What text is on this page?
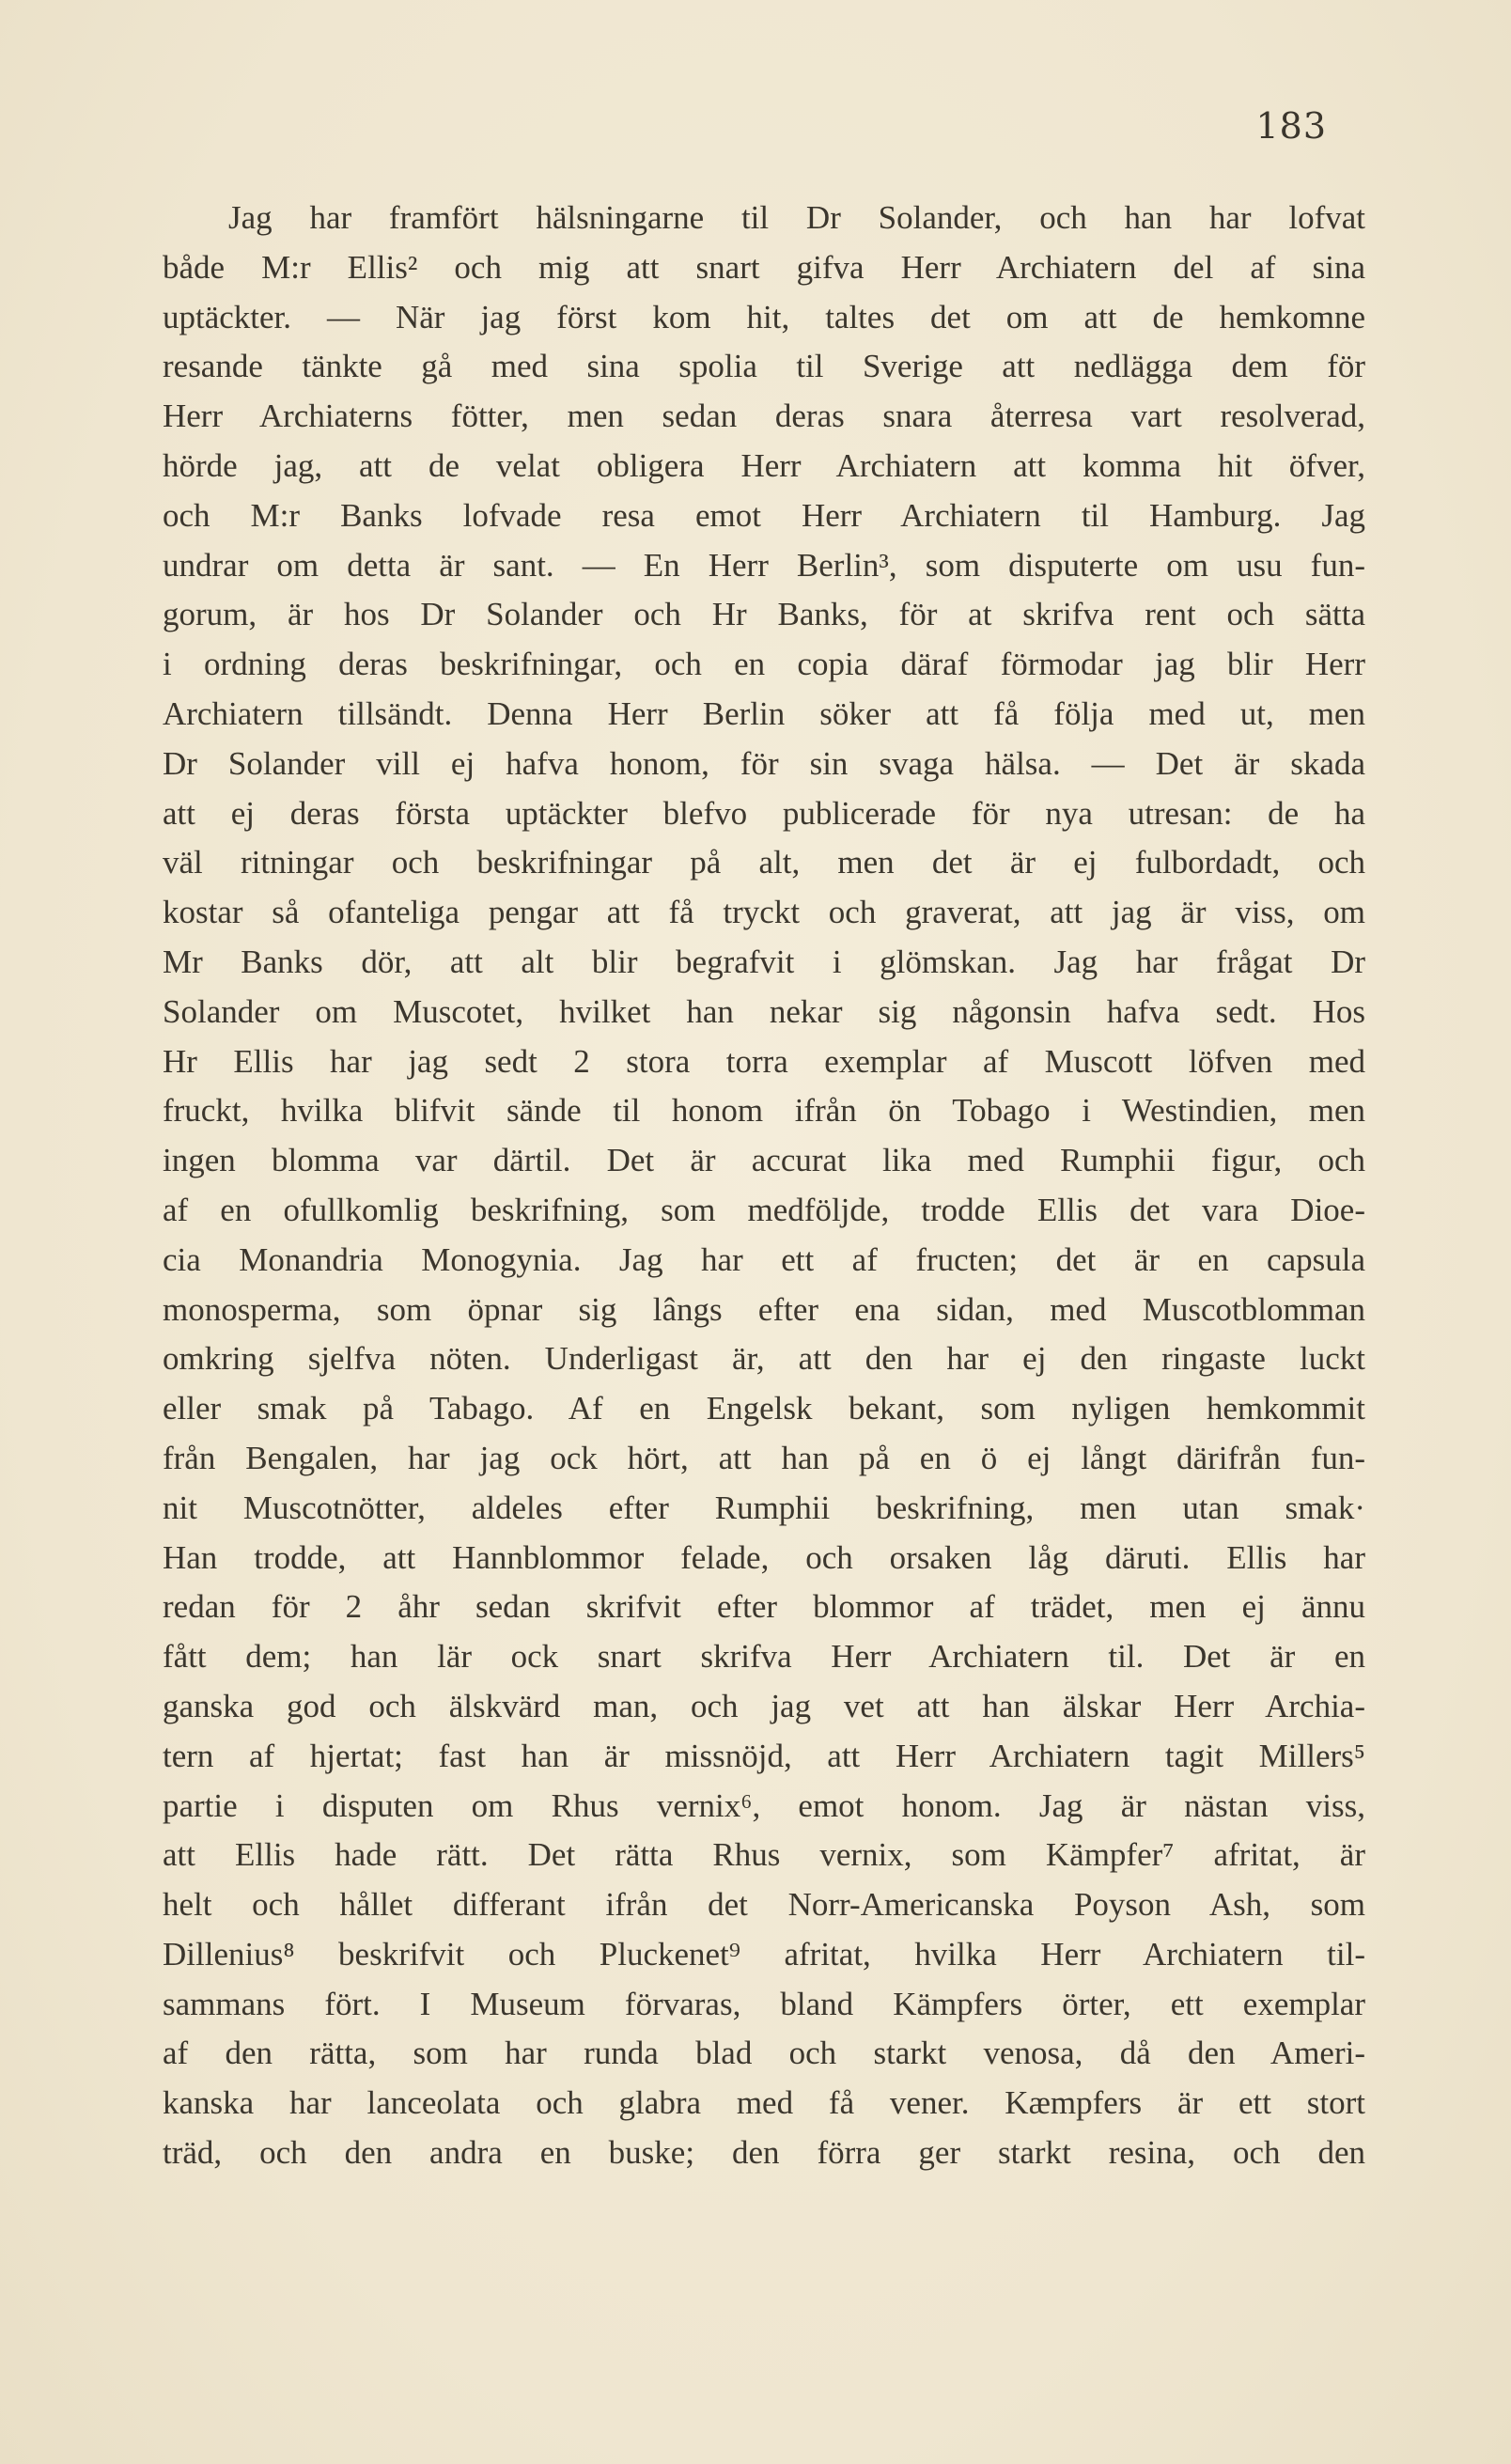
183
Jag har framfört hälsningarne til Dr Solander, och han har lofvat
både M:r Ellis² och mig att snart gifva Herr Archiatern del af sina
uptäckter. — När jag först kom hit, taltes det om att de hemkomne
resande tänkte gå med sina spolia til Sverige att nedlägga dem för
Herr Archiaterns fötter, men sedan deras snara återresa vart resolverad,
hörde jag, att de velat obligera Herr Archiatern att komma hit öfver,
och M:r Banks lofvade resa emot Herr Archiatern til Hamburg. Jag
undrar om detta är sant. — En Herr Berlin³, som disputerte om usu fun-
gorum, är hos Dr Solander och Hr Banks, för at skrifva rent och sätta
i ordning deras beskrifningar, och en copia däraf förmodar jag blir Herr
Archiatern tillsändt. Denna Herr Berlin söker att få följa med ut, men
Dr Solander vill ej hafva honom, för sin svaga hälsa. — Det är skada
att ej deras första uptäckter blefvo publicerade för nya utresan: de ha
väl ritningar och beskrifningar på alt, men det är ej fulbordadt, och
kostar så ofanteliga pengar att få tryckt och graverat, att jag är viss, om
Mr Banks dör, att alt blir begrafvit i glömskan. Jag har frågat Dr
Solander om Muscotet, hvilket han nekar sig någonsin hafva sedt. Hos
Hr Ellis har jag sedt 2 stora torra exemplar af Muscott löfven med
fruckt, hvilka blifvit sände til honom ifrån ön Tobago i Westindien, men
ingen blomma var därtil. Det är accurat lika med Rumphii figur, och
af en ofullkomlig beskrifning, som medföljde, trodde Ellis det vara Dioe-
cia Monandria Monogynia. Jag har ett af fructen; det är en capsula
monosperma, som öpnar sig lângs efter ena sidan, med Muscotblomman
omkring sjelfva nöten. Underligast är, att den har ej den ringaste luckt
eller smak på Tabago. Af en Engelsk bekant, som nyligen hemkommit
från Bengalen, har jag ock hört, att han på en ö ej långt därifrån fun-
nit Muscotnötter, aldeles efter Rumphii beskrifning, men utan smak·
Han trodde, att Hannblommor felade, och orsaken låg däruti. Ellis har
redan för 2 åhr sedan skrifvit efter blommor af trädet, men ej ännu
fått dem; han lär ock snart skrifva Herr Archiatern til. Det är en
ganska god och älskvärd man, och jag vet att han älskar Herr Archia-
tern af hjertat; fast han är missnöjd, att Herr Archiatern tagit Millers⁵
partie i disputen om Rhus vernix⁶, emot honom. Jag är nästan viss,
att Ellis hade rätt. Det rätta Rhus vernix, som Kämpfer⁷ afritat, är
helt och hållet differant ifrån det Norr-Americanska Poyson Ash, som
Dillenius⁸ beskrifvit och Pluckenet⁹ afritat, hvilka Herr Archiatern til-
sammans fört. I Museum förvaras, bland Kämpfers örter, ett exemplar
af den rätta, som har runda blad och starkt venosa, då den Ameri-
kanska har lanceolata och glabra med få vener. Kæmpfers är ett stort
träd, och den andra en buske; den förra ger starkt resina, och den
